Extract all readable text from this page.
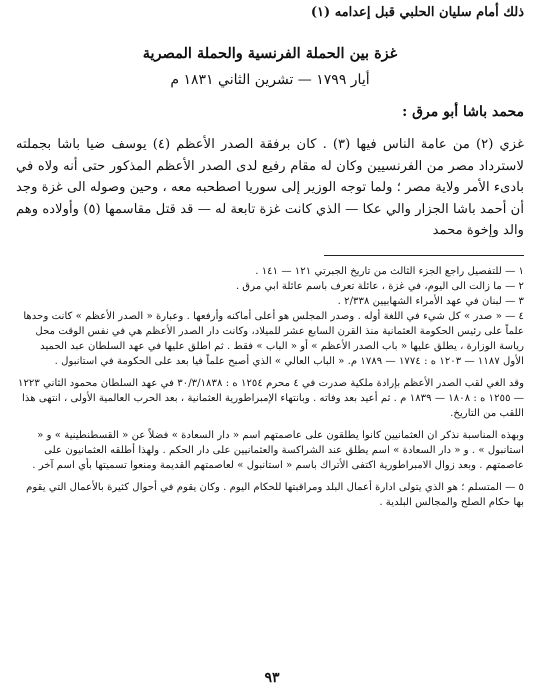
ذلك أمام سليان الحلبي قبل إعدامه (١)
غزة بين الحملة الفرنسية والحملة المصرية
أيار ١٧٩٩ — تشرين الثاني ١٨٣١ م
محمد باشا أبو مرق :

غزي (٢) من عامة الناس فيها (٣) . كان برفقة الصدر الأعظم (٤) يوسف ضيا باشا بجملته لاسترداد مصر من الفرنسيين وكان له مقام رفيع لدى الصدر الأعظم المذكور حتى أنه ولاه في بادىء الأمر ولاية مصر ؛ ولما توجه الوزير إلى سوريا اصطحبه معه ، وحين وصوله الى غزة وجد أن أحمد باشا الجزار والي عكا — الذي كانت غزة تابعة له — قد قتل مقاسمها (٥) وأولاده وهم والد وإخوة محمد

١ — للتفصيل راجع الجزء الثالث من تاريخ الجبرتي ١٢١ — ١٤١ .

٢ — ما زالت الى اليوم، في غزة ، عائلة تعرف باسم عائلة ابي مرق .

٣ — لبنان في عهد الأمراء الشهابيين ٢/٣٣٨ .

٤ — « صدر » كل شيء في اللغة أوله . وصدر المجلس هو أعلى أماكنه وأرفعها . وعبارة « الصدر الأعظم » كانت وحدها علماً على رئيس الحكومة العثمانية منذ القرن السابع عشر للميلاد، وكانت دار الصدر الأعظم هي في نفس الوقت محل رياسة الوزارة ، يطلق عليها « باب الصدر الأعظم » أو « الباب » فقط . ثم اطلق عليها في عهد السلطان عبد الحميد الأول ١١٨٧ — ١٢٠٣ ه : ١٧٧٤ — ١٧٨٩ م. « الباب العالي » الذي أصبح علماً فيا بعد على الحكومة في استانبول .

وقد الغي لقب الصدر الأعظم بإرادة ملكية صدرت في ٤ محرم ١٢٥٤ ه : ٣٠/٣/١٨٣٨ في عهد السلطان محمود الثاني ١٢٢٣ — ١٢٥٥ ه : ١٨٠٨ — ١٨٣٩ م . ثم أعيد بعد وفاته . وبانتهاء الإمبراطورية العثمانية ، بعد الحرب العالمية الأولى ، انتهى هذا اللقب من التاريخ.

وبهذه المناسبة نذكر ان العثمانيين كانوا يطلقون على عاصمتهم اسم « دار السعادة » فضلاً عن « القسطنطينية » و « استانبول » . و « دار السعادة » اسم يطلق عند الشراكسة والعثمانيين على دار الحكم . ولهذا أطلقه العثمانيون على عاصمتهم . وبعد زوال الامبراطورية اكتفى الأتراك باسم « استانبول » لعاصمتهم القديمة ومنعوا تسميتها بأي اسم آخر .

٥ — المتسلم ؛ هو الذي يتولى ادارة أعمال البلد ومراقبتها للحكام اليوم . وكان يقوم في أحوال كثيرة بالأعمال التي يقوم بها حكام الصلح والمجالس البلدية .

٩٣
